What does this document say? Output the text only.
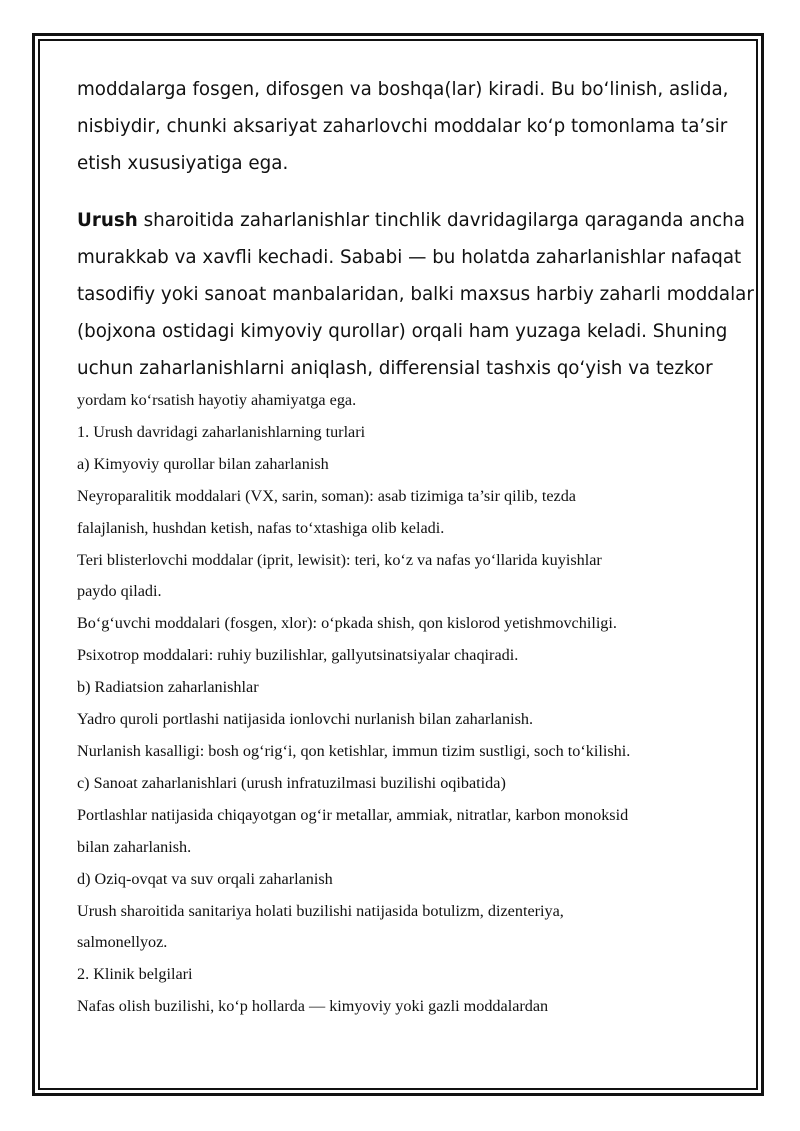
moddalarga fosgen, difosgen va boshqa(lar) kiradi. Bu bo‘linish, aslida,
nisbiydir, chunki aksariyat zaharlovchi moddalar ko‘p tomonlama ta’sir
etish xususiyatiga ega.

Urush sharoitida zaharlanishlar tinchlik davridagilarga qaraganda ancha
murakkab va xavfli kechadi. Sababi — bu holatda zaharlanishlar nafaqat
tasodifiy yoki sanoat manbalaridan, balki maxsus harbiy zaharli moddalar
(bojxona ostidagi kimyoviy qurollar) orqali ham yuzaga keladi. Shuning
uchun zaharlanishlarni aniqlash, differensial tashxis qo‘yish va tezkor

yordam ko‘rsatish hayotiy ahamiyatga ega.
1. Urush davridagi zaharlanishlarning turlari
a) Kimyoviy qurollar bilan zaharlanish
Neyroparalitik moddalari (VX, sarin, soman): asab tizimiga ta’sir qilib, tezda
falajlanish, hushdan ketish, nafas to‘xtashiga olib keladi.
Teri blisterlovchi moddalar (iprit, lewisit): teri, ko‘z va nafas yo‘llarida kuyishlar
paydo qiladi.
Bo‘g‘uvchi moddalari (fosgen, xlor): o‘pkada shish, qon kislorod yetishmovchiligi.
Psixotrop moddalari: ruhiy buzilishlar, gallyutsinatsiyalar chaqiradi.
b) Radiatsion zaharlanishlar
Yadro quroli portlashi natijasida ionlovchi nurlanish bilan zaharlanish.
Nurlanish kasalligi: bosh og‘rig‘i, qon ketishlar, immun tizim sustligi, soch to‘kilishi.
c) Sanoat zaharlanishlari (urush infratuzilmasi buzilishi oqibatida)
Portlashlar natijasida chiqayotgan og‘ir metallar, ammiak, nitratlar, karbon monoksid
bilan zaharlanish.
d) Oziq-ovqat va suv orqali zaharlanish
Urush sharoitida sanitariya holati buzilishi natijasida botulizm, dizenteriya,
salmonellyoz.
2. Klinik belgilari
Nafas olish buzilishi, ko‘p hollarda — kimyoviy yoki gazli moddalardan
